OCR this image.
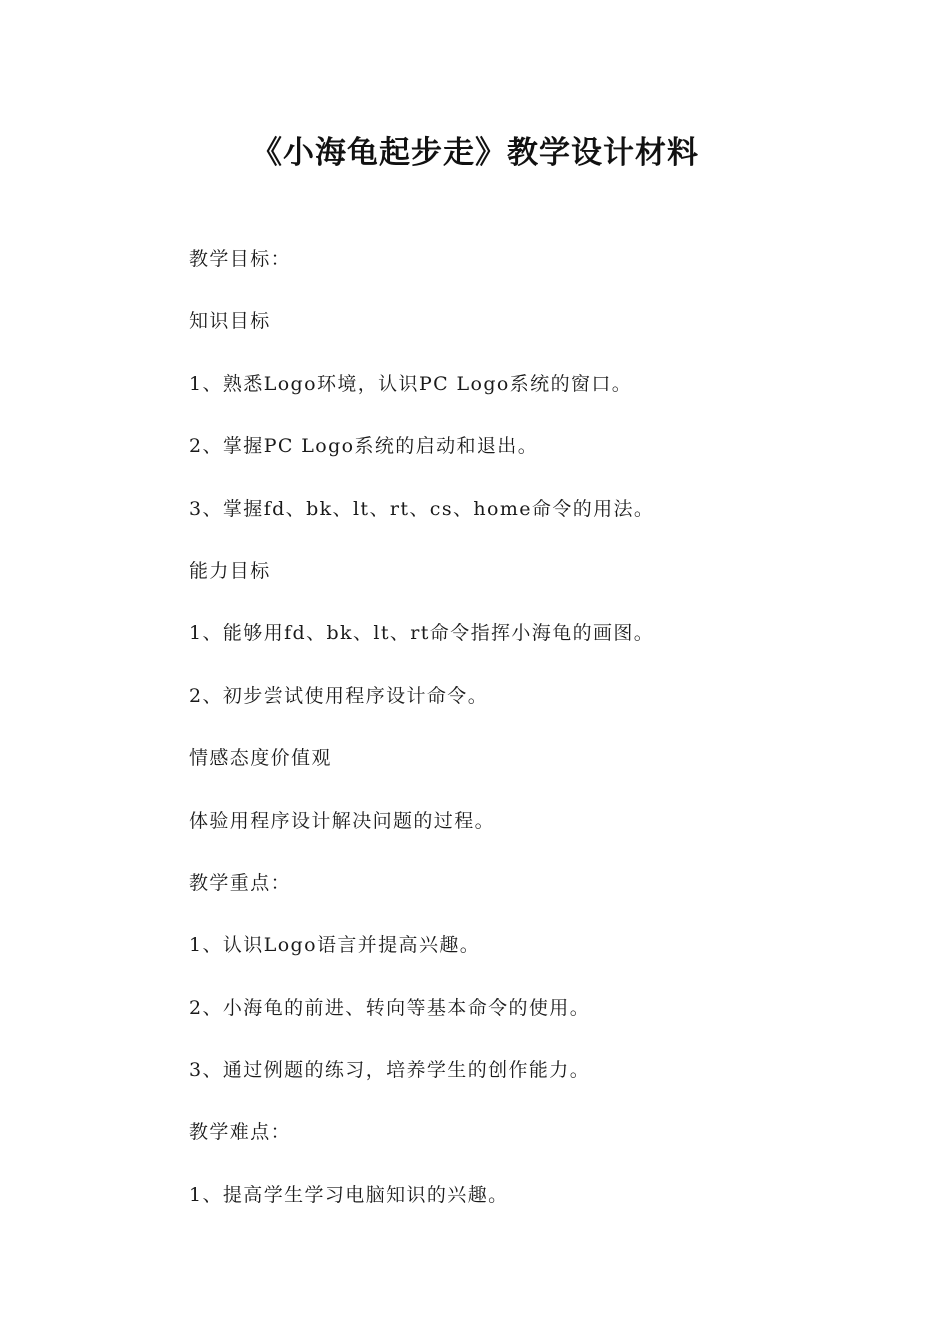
《小海龟起步走》教学设计材料
教学目标：
知识目标
1、熟悉Logo环境，认识PC Logo系统的窗口。
2、掌握PC Logo系统的启动和退出。
3、掌握fd、bk、lt、rt、cs、home命令的用法。
能力目标
1、能够用fd、bk、lt、rt命令指挥小海龟的画图。
2、初步尝试使用程序设计命令。
情感态度价值观
体验用程序设计解决问题的过程。
教学重点：
1、认识Logo语言并提高兴趣。
2、小海龟的前进、转向等基本命令的使用。
3、通过例题的练习，培养学生的创作能力。
教学难点：
1、提高学生学习电脑知识的兴趣。
